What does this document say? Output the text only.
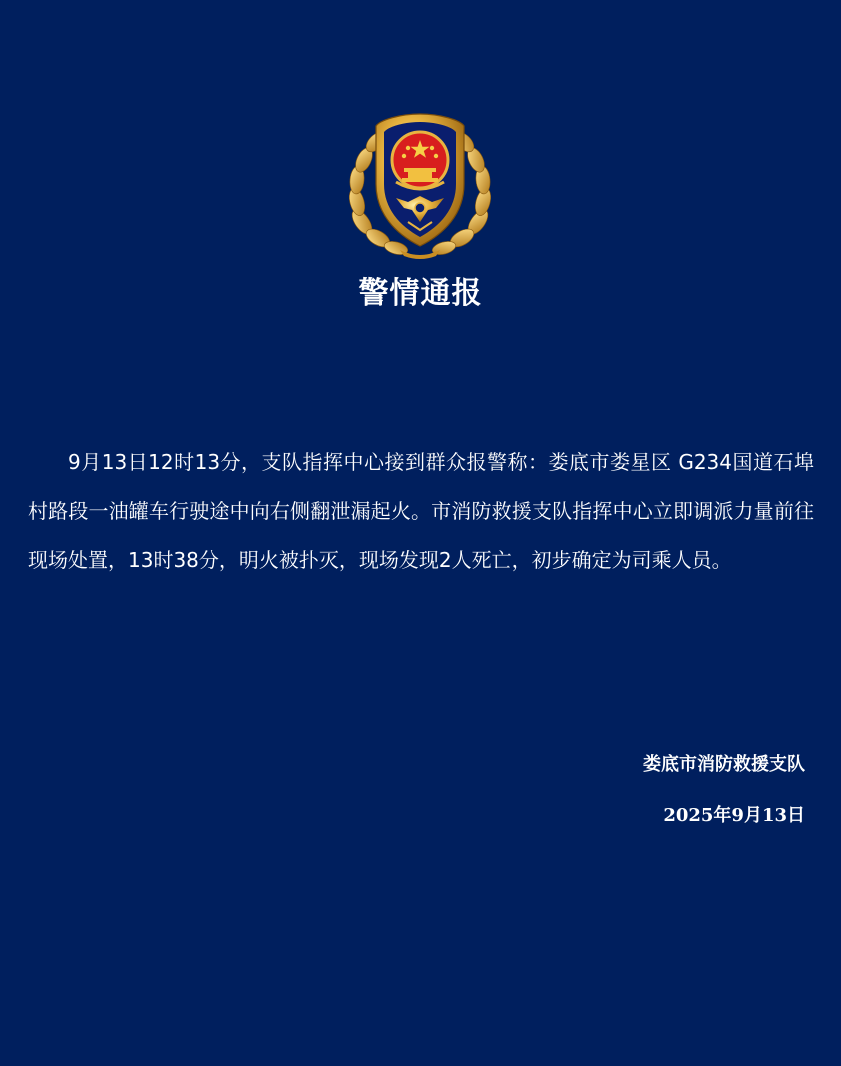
警情通报
9月13日12时13分，支队指挥中心接到群众报警称：娄底市娄星区 G234国道石埠村路段一油罐车行驶途中向右侧翻泄漏起火。市消防救援支队指挥中心立即调派力量前往现场处置，13时38分，明火被扑灭，现场发现2人死亡，初步确定为司乘人员。
娄底市消防救援支队
2025年9月13日
